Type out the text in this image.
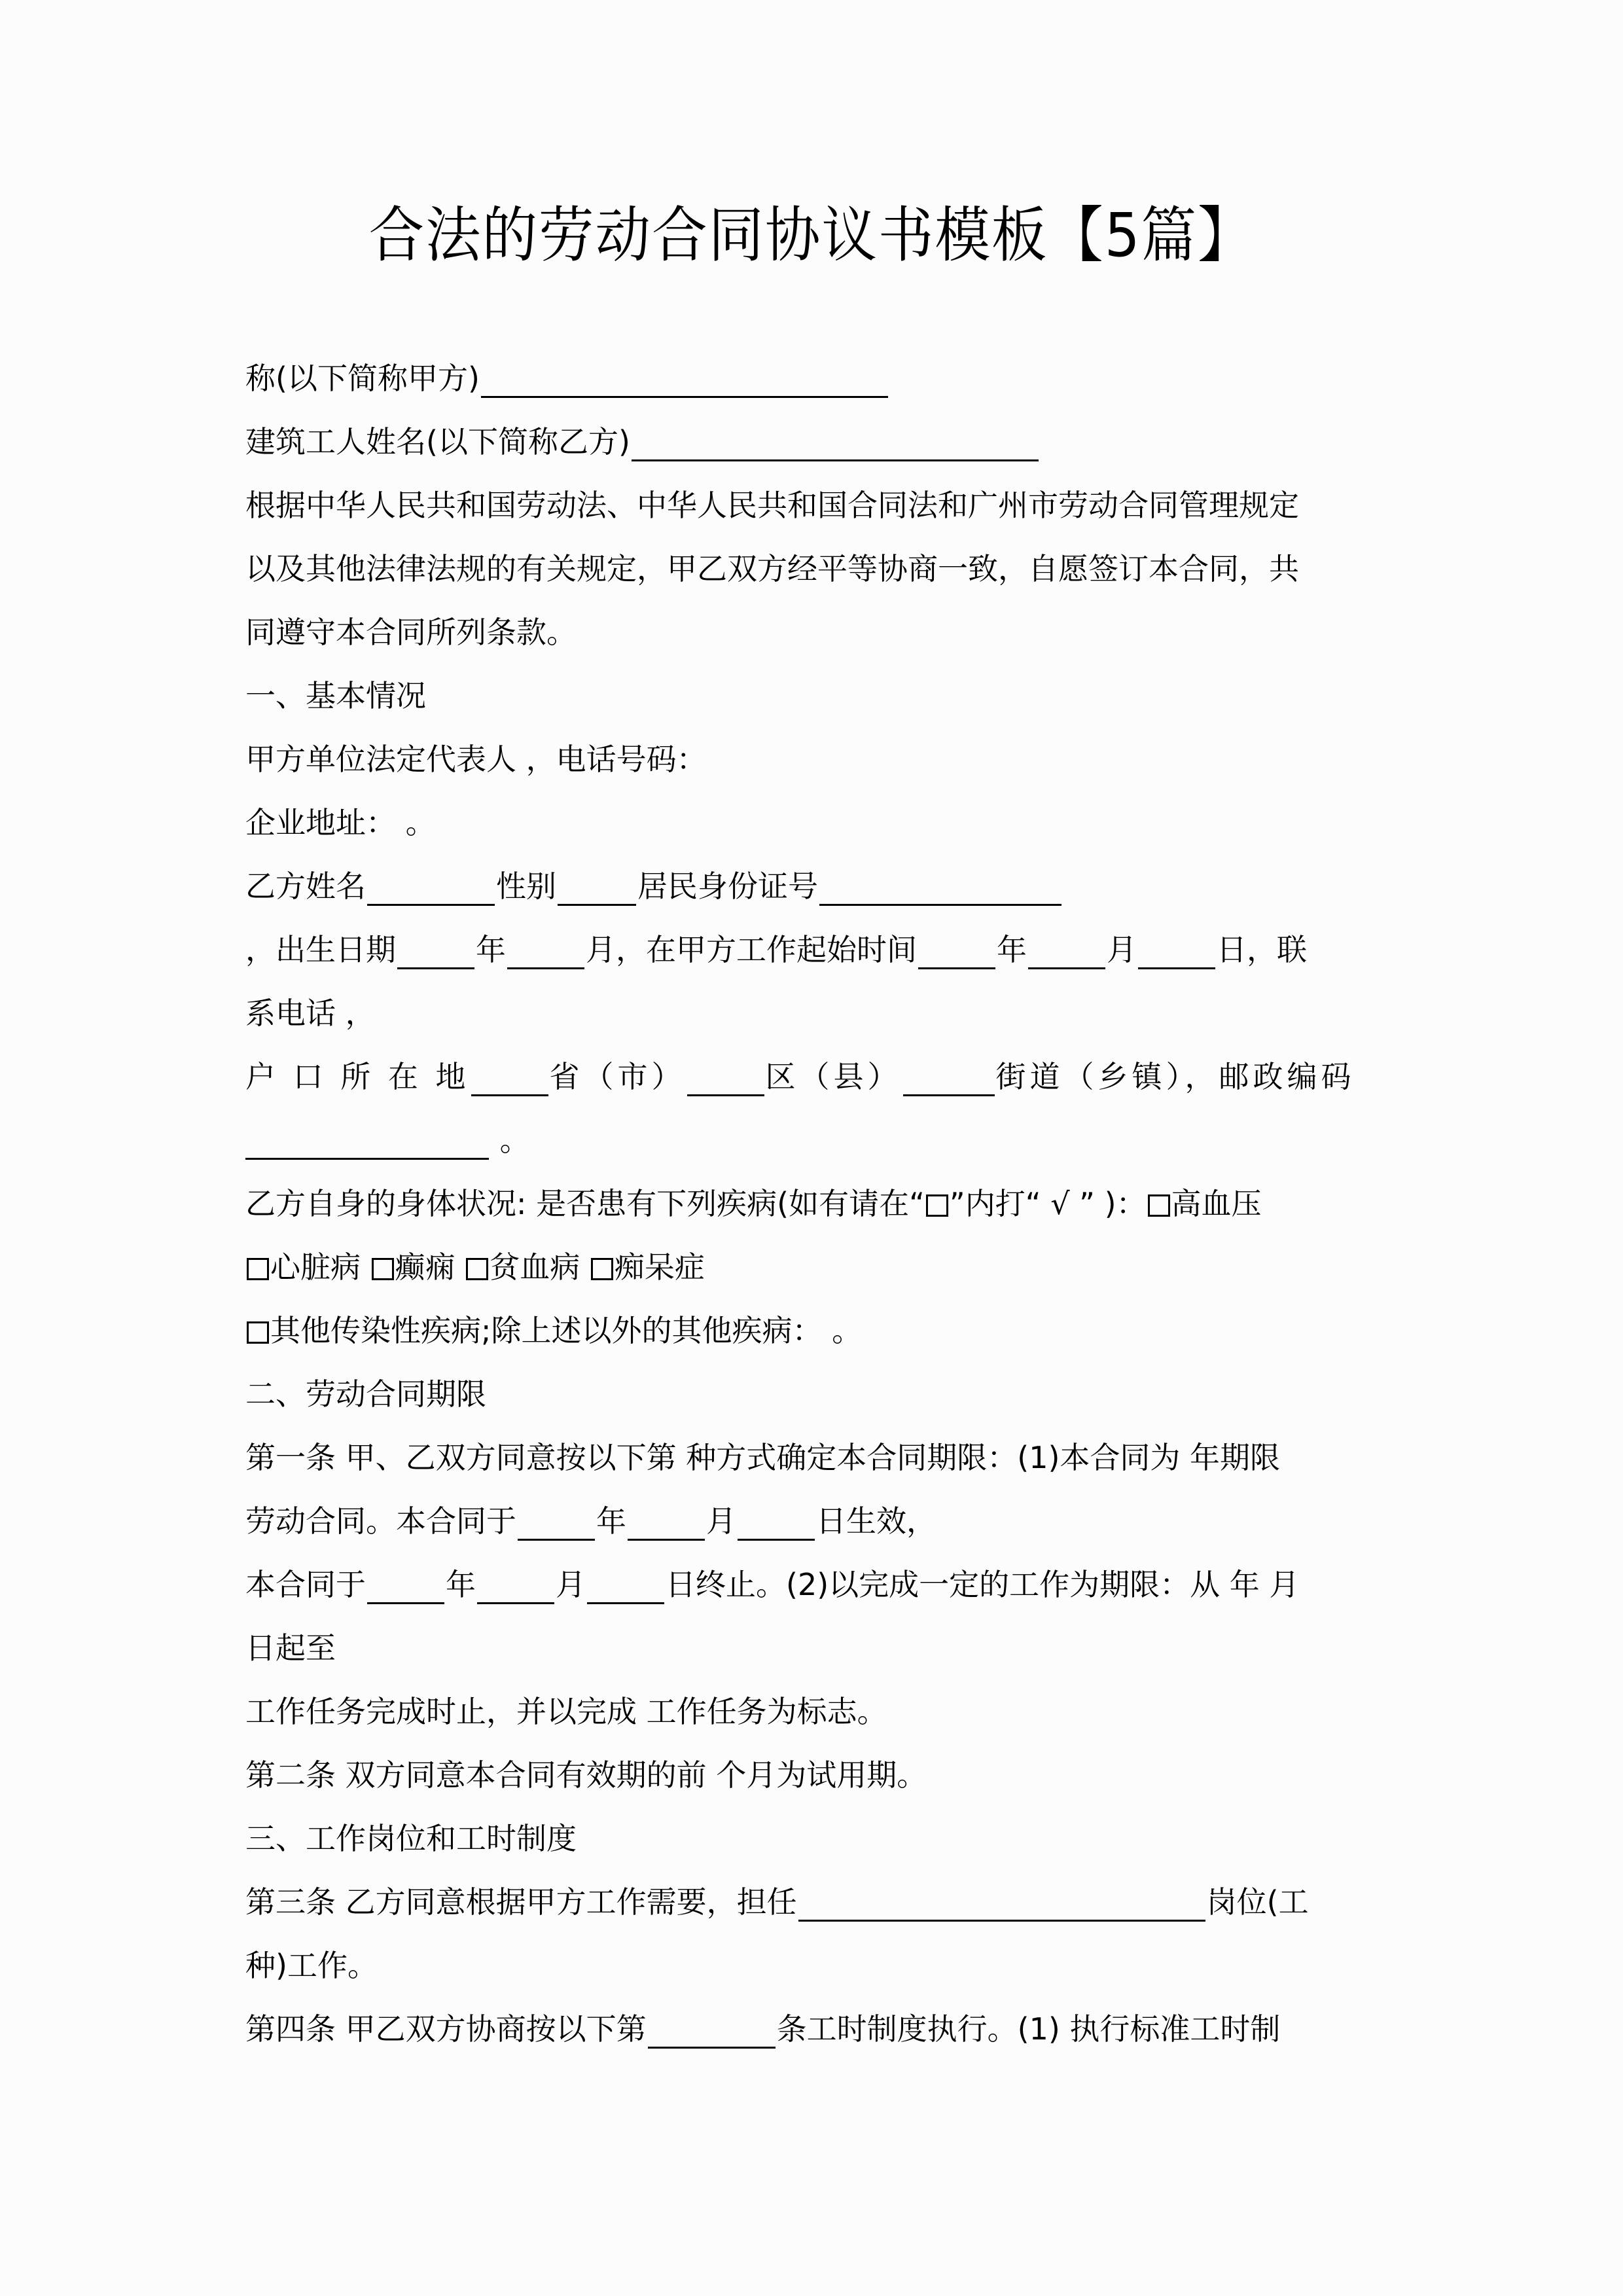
合法的劳动合同协议书模板【5篇】
称(以下简称甲方)
建筑工人姓名(以下简称乙方)
根据中华人民共和国劳动法、中华人民共和国合同法和广州市劳动合同管理规定
以及其他法律法规的有关规定，甲乙双方经平等协商一致，自愿签订本合同，共
同遵守本合同所列条款。
一、基本情况
甲方单位法定代表人 ，电话号码：
企业地址： 。
乙方姓名	性别	居民身份证号
，出生日期	年	月，在甲方工作起始时间	年	月	日，联
系电话 ，
户 口 所 在 地	省（市）	区（县）	街道（乡镇），邮政编码
。
乙方自身的身体状况: 是否患有下列疾病(如有请在“ ”内打“ √ ” )： 高血压
心脏病 癫痫 贫血病 痴呆症
其他传染性疾病;除上述以外的其他疾病： 。
二、劳动合同期限
第一条 甲、乙双方同意按以下第 种方式确定本合同期限：(1)本合同为 年期限
劳动合同。本合同于	年	月	日生效，
本合同于	年	月	日终止。(2)以完成一定的工作为期限：从 年 月
日起至
工作任务完成时止，并以完成 工作任务为标志。
第二条 双方同意本合同有效期的前 个月为试用期。
三、工作岗位和工时制度
第三条 乙方同意根据甲方工作需要，担任	岗位(工
种)工作。
第四条 甲乙双方协商按以下第	条工时制度执行。(1) 执行标准工时制
